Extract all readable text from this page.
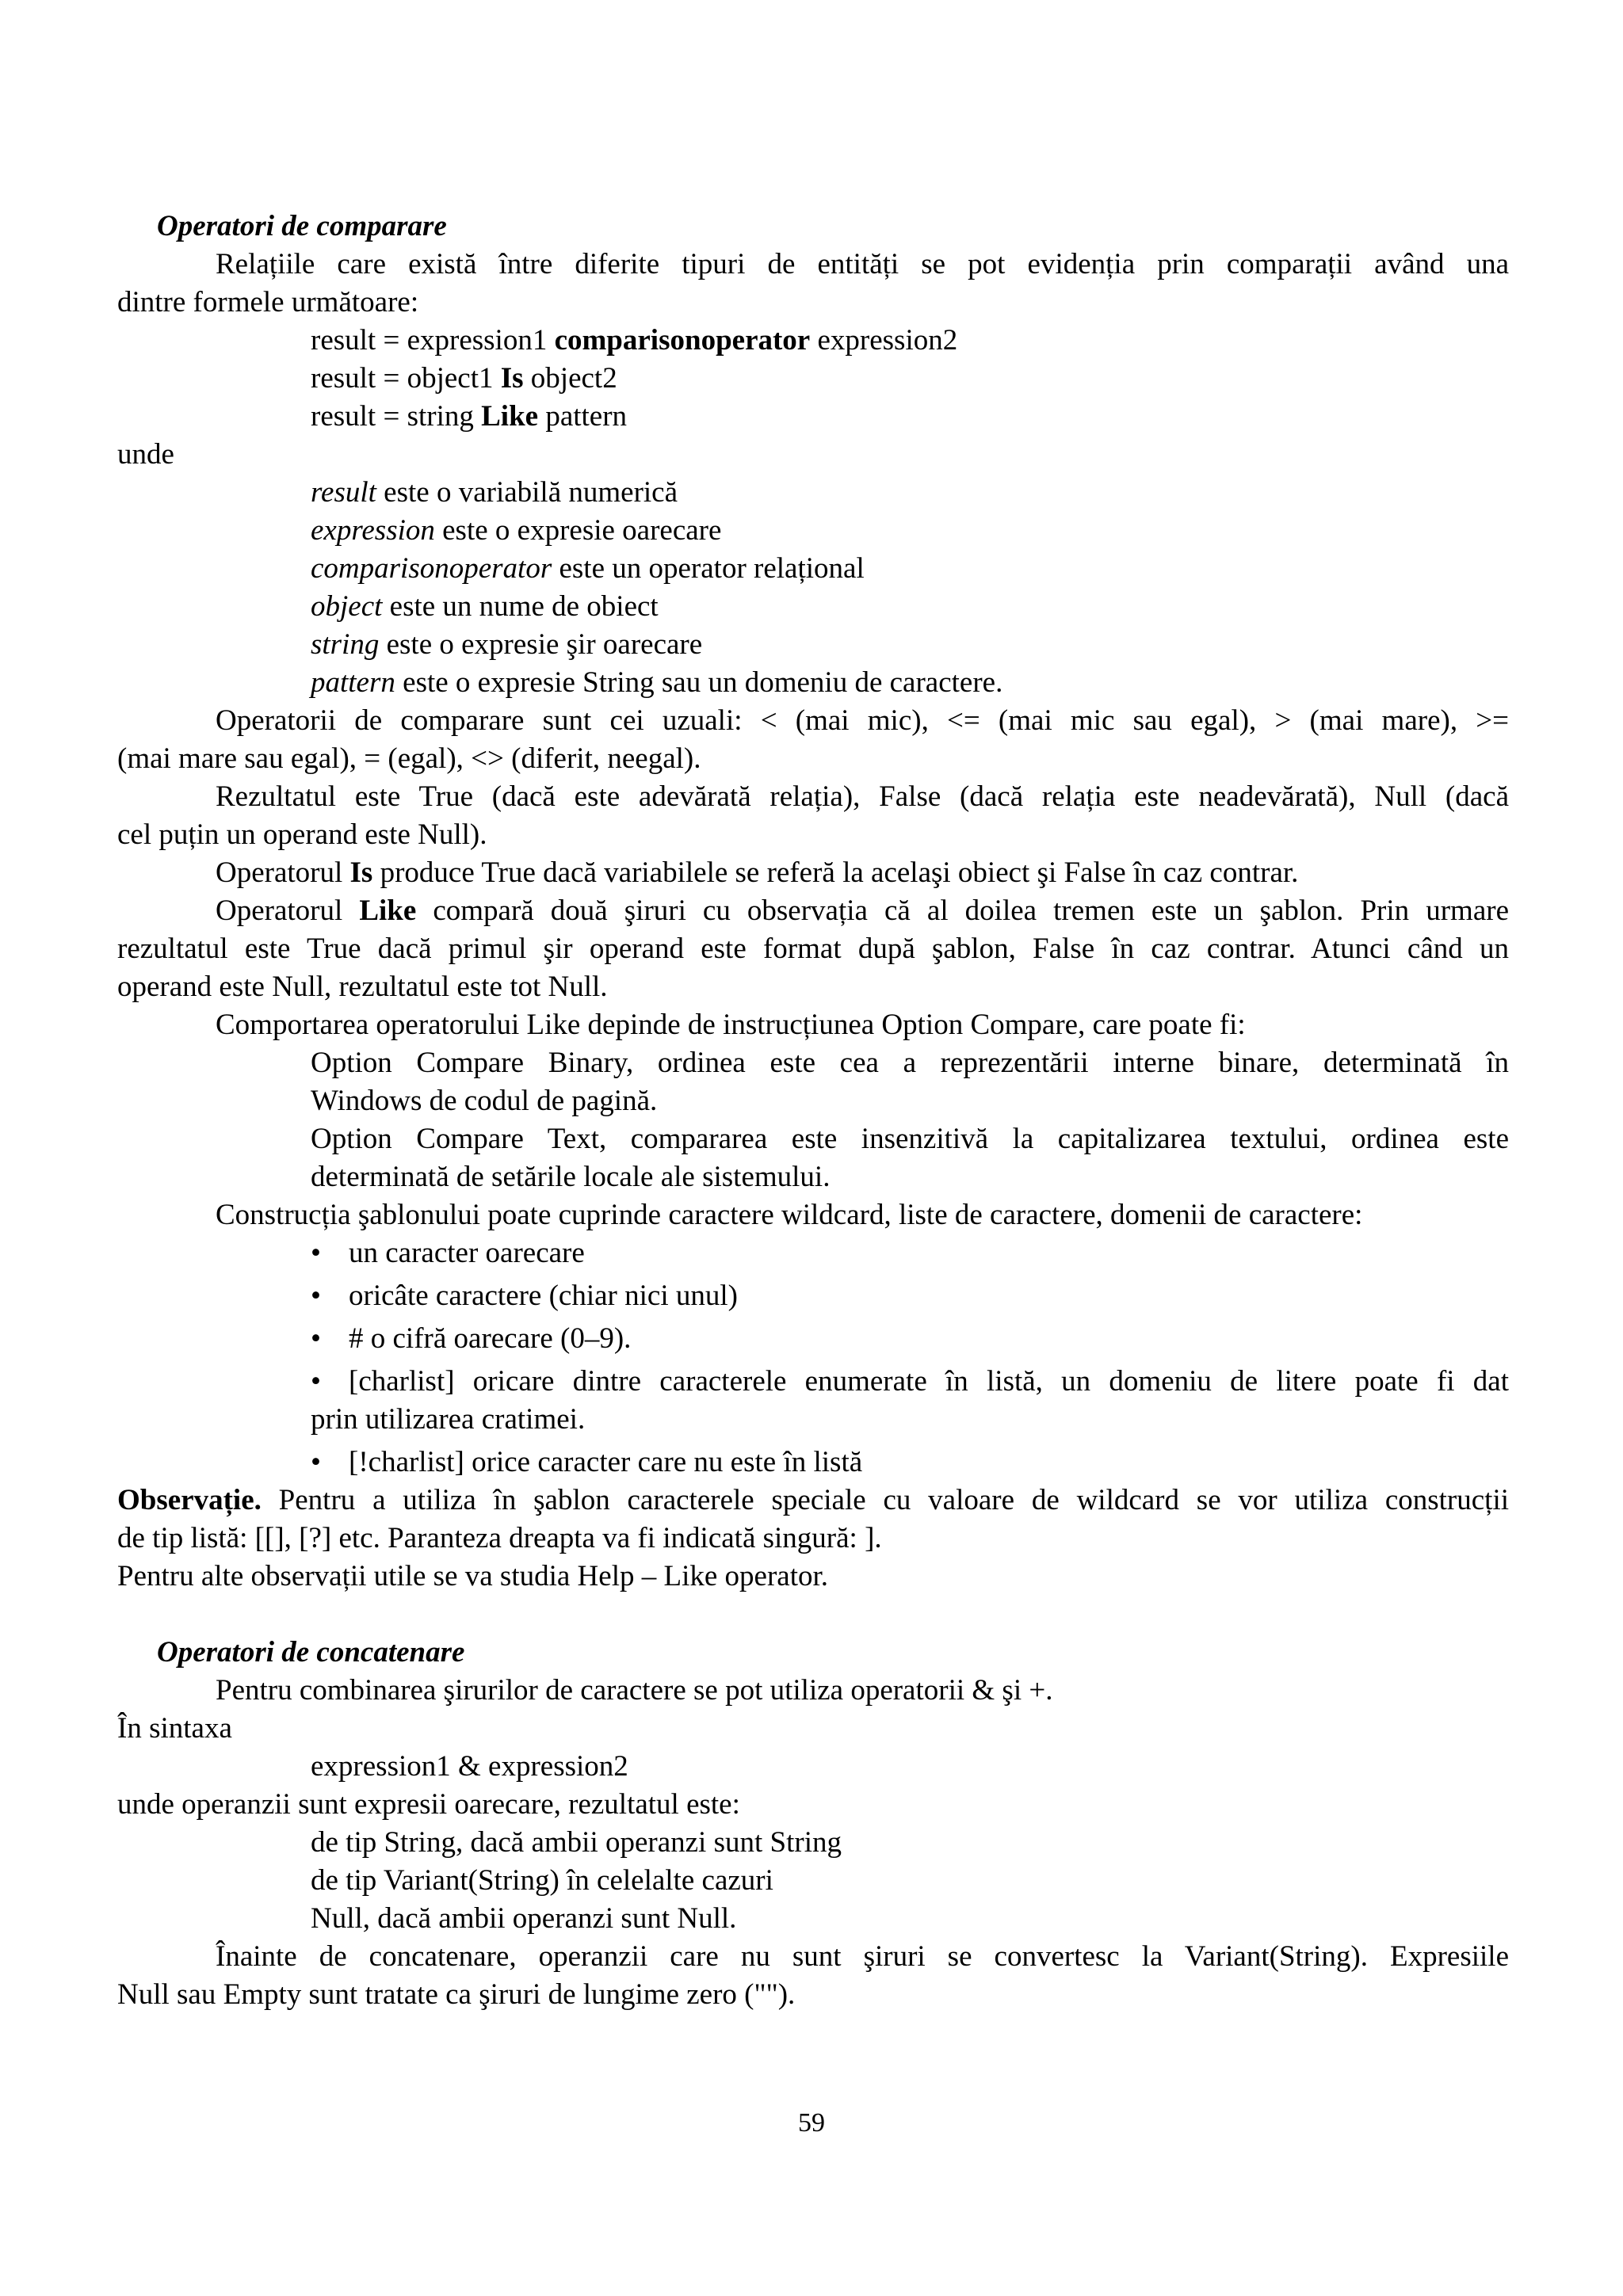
Operatori de comparare
Relațiile care există între diferite tipuri de entități se pot evidenția prin comparații având una
dintre formele următoare:
result = expression1 comparisonoperator expression2
result = object1 Is object2
result = string Like pattern
unde
result este o variabilă numerică
expression este o expresie oarecare
comparisonoperator este un operator relațional
object este un nume de obiect
string este o expresie şir oarecare
pattern este o expresie String sau un domeniu de caractere.
Operatorii de comparare sunt cei uzuali: < (mai mic), <= (mai mic sau egal), > (mai mare), >=
(mai mare sau egal), = (egal), <> (diferit, neegal).
Rezultatul este True (dacă este adevărată relația), False (dacă relația este neadevărată), Null (dacă
cel puțin un operand este Null).
Operatorul Is produce True dacă variabilele se referă la acelaşi obiect şi False în caz contrar.
Operatorul Like compară două şiruri cu observația că al doilea tremen este un şablon. Prin urmare
rezultatul este True dacă primul şir operand este format după şablon, False în caz contrar. Atunci când un
operand este Null, rezultatul este tot Null.
Comportarea operatorului Like depinde de instrucțiunea Option Compare, care poate fi:
Option Compare Binary, ordinea este cea a reprezentării interne binare, determinată în
Windows de codul de pagină.
Option Compare Text, compararea este insenzitivă la capitalizarea textului, ordinea este
determinată de setările locale ale sistemului.
Construcția şablonului poate cuprinde caractere wildcard, liste de caractere, domenii de caractere:
• un caracter oarecare
• oricâte caractere (chiar nici unul)
• # o cifră oarecare (0–9).
• [charlist] oricare dintre caracterele enumerate în listă, un domeniu de litere poate fi dat
prin utilizarea cratimei.
• [!charlist] orice caracter care nu este în listă
Observație. Pentru a utiliza în şablon caracterele speciale cu valoare de wildcard se vor utiliza construcții
de tip listă: [[], [?] etc. Paranteza dreapta va fi indicată singură: ].
Pentru alte observații utile se va studia Help – Like operator.
Operatori de concatenare
Pentru combinarea şirurilor de caractere se pot utiliza operatorii & şi +.
În sintaxa
expression1 & expression2
unde operanzii sunt expresii oarecare, rezultatul este:
de tip String, dacă ambii operanzi sunt String
de tip Variant(String) în celelalte cazuri
Null, dacă ambii operanzi sunt Null.
Înainte de concatenare, operanzii care nu sunt şiruri se convertesc la Variant(String). Expresiile
Null sau Empty sunt tratate ca şiruri de lungime zero ("").
59
